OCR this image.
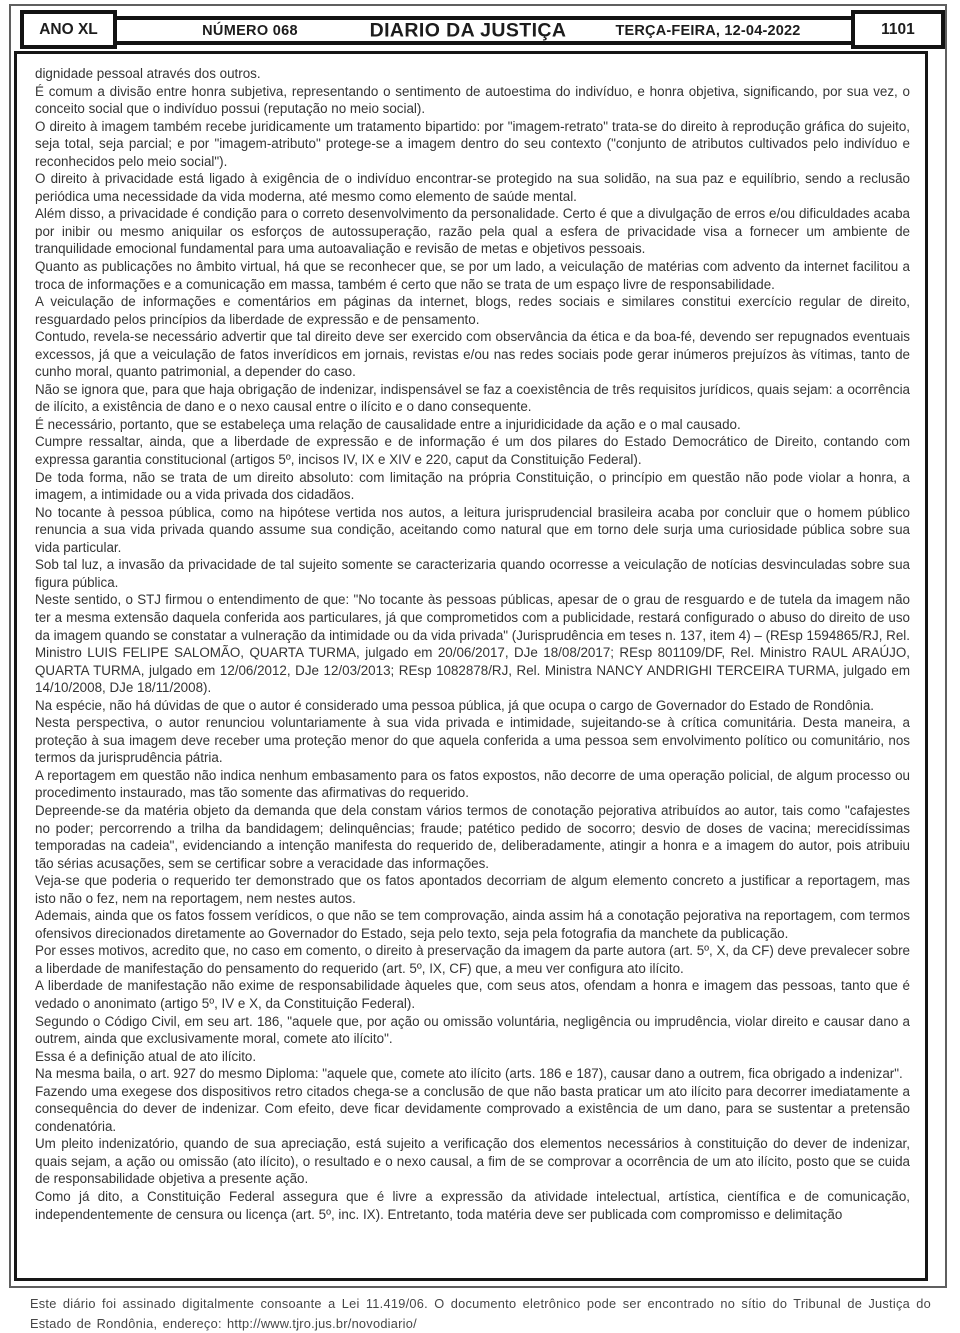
NÚMERO 068	DIARIO DA JUSTIÇA	TERÇA-FEIRA, 12-04-2022
ANO XL	1101

dignidade pessoal através dos outros.

É comum a divisão entre honra subjetiva, representando o sentimento de autoestima do indivíduo, e honra objetiva, significando, por sua vez, o conceito social que o indivíduo possui (reputação no meio social).

O direito à imagem também recebe juridicamente um tratamento bipartido: por "imagem-retrato" trata-se do direito à reprodução gráfica do sujeito, seja total, seja parcial; e por "imagem-atributo" protege-se a imagem dentro do seu contexto ("conjunto de atributos cultivados pelo indivíduo e reconhecidos pelo meio social").

O direito à privacidade está ligado à exigência de o indivíduo encontrar-se protegido na sua solidão, na sua paz e equilíbrio, sendo a reclusão periódica uma necessidade da vida moderna, até mesmo como elemento de saúde mental.

Além disso, a privacidade é condição para o correto desenvolvimento da personalidade. Certo é que a divulgação de erros e/ou dificuldades acaba por inibir ou mesmo aniquilar os esforços de autossuperação, razão pela qual a esfera de privacidade visa a fornecer um ambiente de tranquilidade emocional fundamental para uma autoavaliação e revisão de metas e objetivos pessoais.

Quanto as publicações no âmbito virtual, há que se reconhecer que, se por um lado, a veiculação de matérias com advento da internet facilitou a troca de informações e a comunicação em massa, também é certo que não se trata de um espaço livre de responsabilidade.

A veiculação de informações e comentários em páginas da internet, blogs, redes sociais e similares constitui exercício regular de direito, resguardado pelos princípios da liberdade de expressão e de pensamento.

Contudo, revela-se necessário advertir que tal direito deve ser exercido com observância da ética e da boa-fé, devendo ser repugnados eventuais excessos, já que a veiculação de fatos inverídicos em jornais, revistas e/ou nas redes sociais pode gerar inúmeros prejuízos às vítimas, tanto de cunho moral, quanto patrimonial, a depender do caso.

Não se ignora que, para que haja obrigação de indenizar, indispensável se faz a coexistência de três requisitos jurídicos, quais sejam: a ocorrência de ilícito, a existência de dano e o nexo causal entre o ilícito e o dano consequente.

É necessário, portanto, que se estabeleça uma relação de causalidade entre a injuridicidade da ação e o mal causado.

Cumpre ressaltar, ainda, que a liberdade de expressão e de informação é um dos pilares do Estado Democrático de Direito, contando com expressa garantia constitucional (artigos 5º, incisos IV, IX e XIV e 220, caput da Constituição Federal).

De toda forma, não se trata de um direito absoluto: com limitação na própria Constituição, o princípio em questão não pode violar a honra, a imagem, a intimidade ou a vida privada dos cidadãos.

No tocante à pessoa pública, como na hipótese vertida nos autos, a leitura jurisprudencial brasileira acaba por concluir que o homem público renuncia a sua vida privada quando assume sua condição, aceitando como natural que em torno dele surja uma curiosidade pública sobre sua vida particular.

Sob tal luz, a invasão da privacidade de tal sujeito somente se caracterizaria quando ocorresse a veiculação de notícias desvinculadas sobre sua figura pública.

Neste sentido, o STJ firmou o entendimento de que: "No tocante às pessoas públicas, apesar de o grau de resguardo e de tutela da imagem não ter a mesma extensão daquela conferida aos particulares, já que comprometidos com a publicidade, restará configurado o abuso do direito de uso da imagem quando se constatar a vulneração da intimidade ou da vida privada" (Jurisprudência em teses n. 137, item 4) – (REsp 1594865/RJ, Rel. Ministro LUIS FELIPE SALOMÃO, QUARTA TURMA, julgado em 20/06/2017, DJe 18/08/2017; REsp 801109/DF, Rel. Ministro RAUL ARAÚJO, QUARTA TURMA, julgado em 12/06/2012, DJe 12/03/2013; REsp 1082878/RJ, Rel. Ministra NANCY ANDRIGHI TERCEIRA TURMA, julgado em 14/10/2008, DJe 18/11/2008).

Na espécie, não há dúvidas de que o autor é considerado uma pessoa pública, já que ocupa o cargo de Governador do Estado de Rondônia.

Nesta perspectiva, o autor renunciou voluntariamente à sua vida privada e intimidade, sujeitando-se à crítica comunitária. Desta maneira, a proteção à sua imagem deve receber uma proteção menor do que aquela conferida a uma pessoa sem envolvimento político ou comunitário, nos termos da jurisprudência pátria.

A reportagem em questão não indica nenhum embasamento para os fatos expostos, não decorre de uma operação policial, de algum processo ou procedimento instaurado, mas tão somente das afirmativas do requerido.

Depreende-se da matéria objeto da demanda que dela constam vários termos de conotação pejorativa atribuídos ao autor, tais como "cafajestes no poder; percorrendo a trilha da bandidagem; delinquências; fraude; patético pedido de socorro; desvio de doses de vacina; merecidíssimas temporadas na cadeia", evidenciando a intenção manifesta do requerido de, deliberadamente, atingir a honra e a imagem do autor, pois atribuiu tão sérias acusações, sem se certificar sobre a veracidade das informações.

Veja-se que poderia o requerido ter demonstrado que os fatos apontados decorriam de algum elemento concreto a justificar a reportagem, mas isto não o fez, nem na reportagem, nem nestes autos.

Ademais, ainda que os fatos fossem verídicos, o que não se tem comprovação, ainda assim há a conotação pejorativa na reportagem, com termos ofensivos direcionados diretamente ao Governador do Estado, seja pelo texto, seja pela fotografia da manchete da publicação.

Por esses motivos, acredito que, no caso em comento, o direito à preservação da imagem da parte autora (art. 5º, X, da CF) deve prevalecer sobre a liberdade de manifestação do pensamento do requerido (art. 5º, IX, CF) que, a meu ver configura ato ilícito.

A liberdade de manifestação não exime de responsabilidade àqueles que, com seus atos, ofendam a honra e imagem das pessoas, tanto que é vedado o anonimato (artigo 5º, IV e X, da Constituição Federal).

Segundo o Código Civil, em seu art. 186, "aquele que, por ação ou omissão voluntária, negligência ou imprudência, violar direito e causar dano a outrem, ainda que exclusivamente moral, comete ato ilícito".

Essa é a definição atual de ato ilícito.

Na mesma baila, o art. 927 do mesmo Diploma: "aquele que, comete ato ilícito (arts. 186 e 187), causar dano a outrem, fica obrigado a indenizar".

Fazendo uma exegese dos dispositivos retro citados chega-se a conclusão de que não basta praticar um ato ilícito para decorrer imediatamente a consequência do dever de indenizar. Com efeito, deve ficar devidamente comprovado a existência de um dano, para se sustentar a pretensão condenatória.

Um pleito indenizatório, quando de sua apreciação, está sujeito a verificação dos elementos necessários à constituição do dever de indenizar, quais sejam, a ação ou omissão (ato ilícito), o resultado e o nexo causal, a fim de se comprovar a ocorrência de um ato ilícito, posto que se cuida de responsabilidade objetiva a presente ação.

Como já dito, a Constituição Federal assegura que é livre a expressão da atividade intelectual, artística, científica e de comunicação, independentemente de censura ou licença (art. 5º, inc. IX). Entretanto, toda matéria deve ser publicada com compromisso e delimitação

Este diário foi assinado digitalmente consoante a Lei 11.419/06. O documento eletrônico pode ser encontrado no sítio do Tribunal de Justiça do Estado de Rondônia, endereço: http://www.tjro.jus.br/novodiario/
